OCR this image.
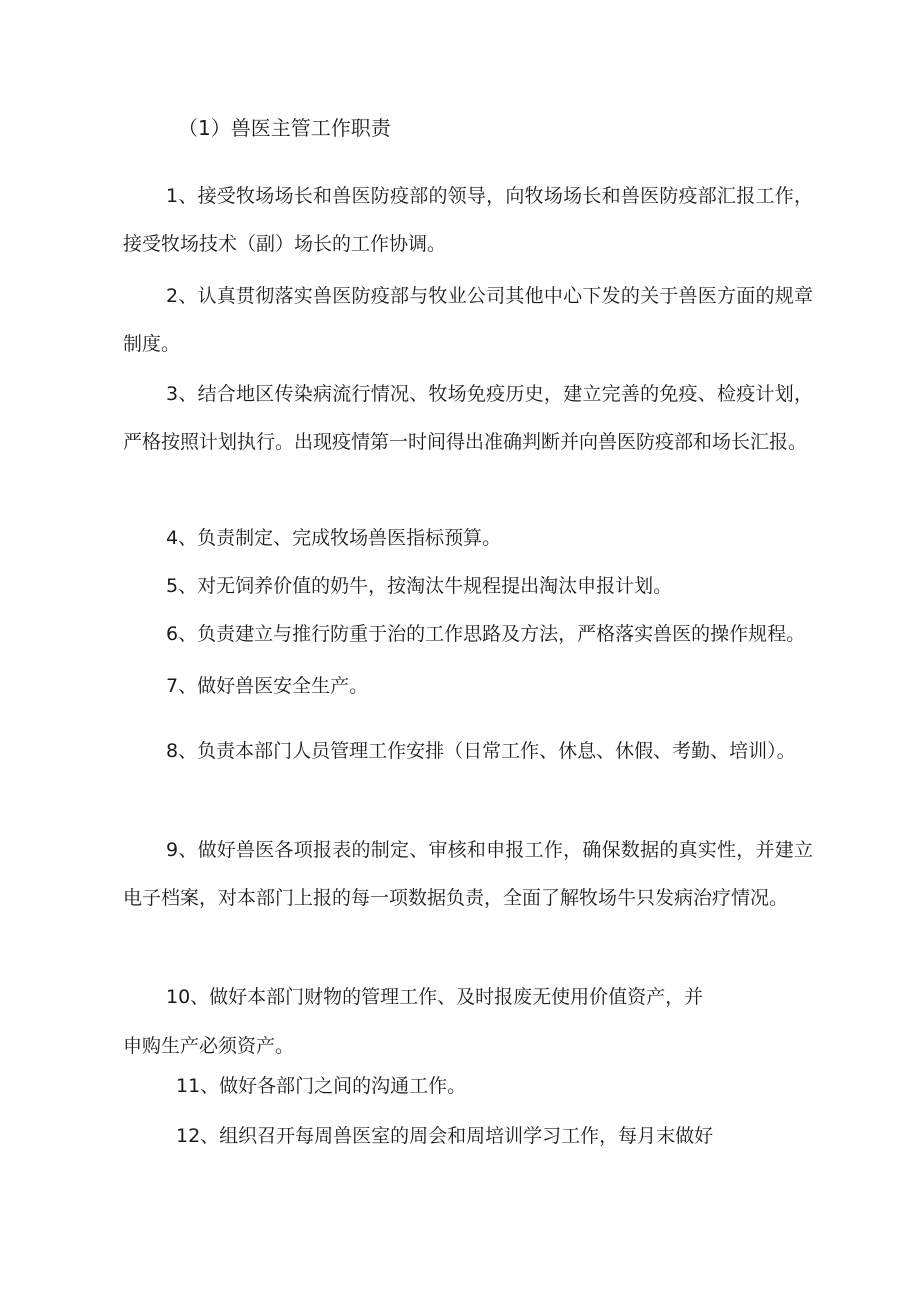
（1）兽医主管工作职责
1、接受牧场场长和兽医防疫部的领导，向牧场场长和兽医防疫部汇报工作，接受牧场技术（副）场长的工作协调。
2、认真贯彻落实兽医防疫部与牧业公司其他中心下发的关于兽医方面的规章制度。
3、结合地区传染病流行情况、牧场免疫历史，建立完善的免疫、检疫计划，严格按照计划执行。出现疫情第一时间得出准确判断并向兽医防疫部和场长汇报。
4、负责制定、完成牧场兽医指标预算。
5、对无饲养价值的奶牛，按淘汰牛规程提出淘汰申报计划。
6、负责建立与推行防重于治的工作思路及方法，严格落实兽医的操作规程。
7、做好兽医安全生产。
8、负责本部门人员管理工作安排（日常工作、休息、休假、考勤、培训）。
9、做好兽医各项报表的制定、审核和申报工作，确保数据的真实性，并建立电子档案，对本部门上报的每一项数据负责，全面了解牧场牛只发病治疗情况。
10、做好本部门财物的管理工作、及时报废无使用价值资产，并
申购生产必须资产。
11、做好各部门之间的沟通工作。
12、组织召开每周兽医室的周会和周培训学习工作，每月末做好
